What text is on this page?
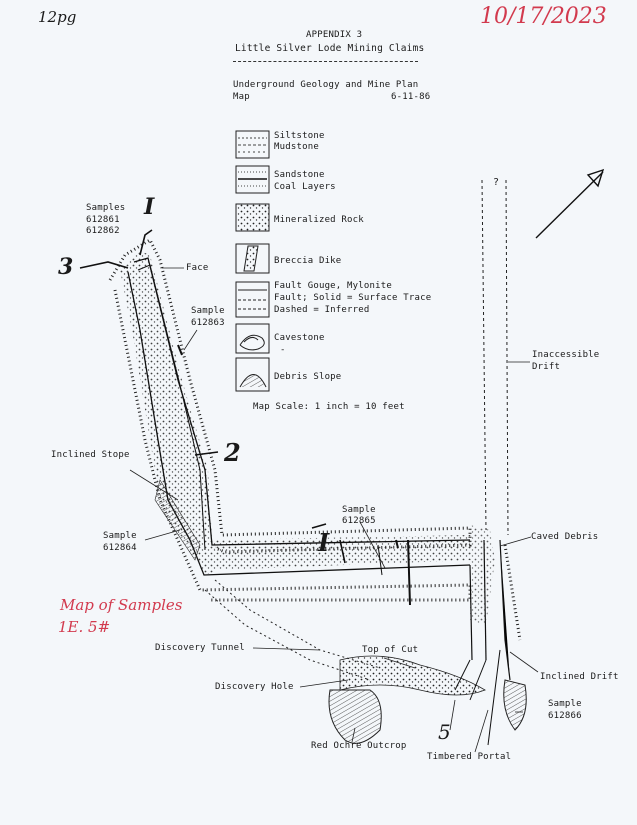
APPENDIX 3
Little Silver Lode Mining Claims
Underground Geology and Mine Plan
Map	6-11-86
12pg	10/17/2023
Map of Samples
1E. 5#
I
3
2
I
5
Siltstone
Mudstone
Sandstone
Coal Layers
Mineralized Rock
Breccia Dike
Fault Gouge, Mylonite
Fault; Solid = Surface Trace
Dashed = Inferred
Cavestone
-
Debris Slope
Map Scale: 1 inch = 10 feet
Samples
612861
612862
Face
Sample
612863
Inclined Stope
Sample
612864
Sample
612865
Caved Debris
Inaccessible
Drift
Discovery Tunnel	Top of Cut
Discovery Hole
Inclined Drift
Sample
612866
Red Ochre Outcrop
Timbered Portal
?
